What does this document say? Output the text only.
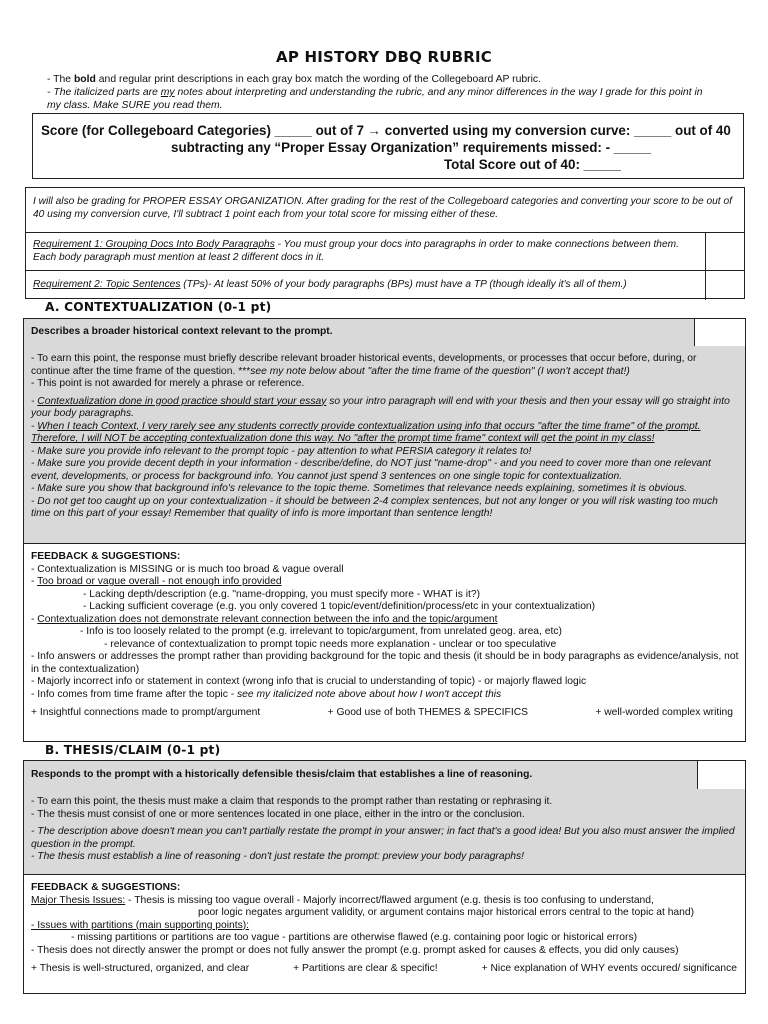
AP HISTORY DBQ RUBRIC

- The bold and regular print descriptions in each gray box match the wording of the Collegeboard AP rubric.

- The italicized parts are my notes about interpreting and understanding the rubric, and any minor differences in the way I grade for this point in my class. Make SURE you read them.

Score (for Collegeboard Categories) _____ out of 7 → converted using my conversion curve: _____ out of 40
subtracting any “Proper Essay Organization” requirements missed: - _____
Total Score out of 40: _____
I will also be grading for PROPER ESSAY ORGANIZATION. After grading for the rest of the Collegeboard categories and converting your score to be out of 40 using my conversion curve, I'll subtract 1 point each from your total score for missing either of these.
Requirement 1: Grouping Docs Into Body Paragraphs - You must group your docs into paragraphs in order to make connections between them. Each body paragraph must mention at least 2 different docs in it.
Requirement 2: Topic Sentences (TPs)- At least 50% of your body paragraphs (BPs) must have a TP (though ideally it's all of them.)
A. CONTEXTUALIZATION (0-1 pt)
Describes a broader historical context relevant to the prompt.

- To earn this point, the response must briefly describe relevant broader historical events, developments, or processes that occur before, during, or continue after the time frame of the question. ***see my note below about "after the time frame of the question" (I won't accept that!)

- This point is not awarded for merely a phrase or reference.

- Contextualization done in good practice should start your essay so your intro paragraph will end with your thesis and then your essay will go straight into your body paragraphs.

- When I teach Context, I very rarely see any students correctly provide contextualization using info that occurs "after the time frame" of the prompt. Therefore, I will NOT be accepting contextualization done this way. No "after the prompt time frame" context will get the point in my class!

- Make sure you provide info relevant to the prompt topic - pay attention to what PERSIA category it relates to!

- Make sure you provide decent depth in your information - describe/define, do NOT just "name-drop" - and you need to cover more than one relevant event, developments, or process for background info. You cannot just spend 3 sentences on one single topic for contextualization.

- Make sure you show that background info's relevance to the topic theme. Sometimes that relevance needs explaining, sometimes it is obvious.

- Do not get too caught up on your contextualization - it should be between 2-4 complex sentences, but not any longer or you will risk wasting too much time on this part of your essay! Remember that quality of info is more important than sentence length!

FEEDBACK & SUGGESTIONS:

- Contextualization is MISSING or is much too broad & vague overall

- Too broad or vague overall - not enough info provided

- Lacking depth/description (e.g. "name-dropping, you must specify more - WHAT is it?)

- Lacking sufficient coverage (e.g. you only covered 1 topic/event/definition/process/etc in your contextualization)

- Contextualization does not demonstrate relevant connection between the info and the topic/argument

- Info is too loosely related to the prompt (e.g. irrelevant to topic/argument, from unrelated geog. area, etc)

- relevance of contextualization to prompt topic needs more explanation - unclear or too speculative

- Info answers or addresses the prompt rather than providing background for the topic and thesis (it should be in body paragraphs as evidence/analysis, not in the contextualization)

- Majorly incorrect info or statement in context (wrong info that is crucial to understanding of topic) - or majorly flawed logic

- Info comes from time frame after the topic - see my italicized note above about how I won't accept this

+ Insightful connections made to prompt/argument	+ Good use of both THEMES & SPECIFICS	+ well-worded complex writing

B. THESIS/CLAIM (0-1 pt)
Responds to the prompt with a historically defensible thesis/claim that establishes a line of reasoning.

- To earn this point, the thesis must make a claim that responds to the prompt rather than restating or rephrasing it.

- The thesis must consist of one or more sentences located in one place, either in the intro or the conclusion.

- The description above doesn't mean you can't partially restate the prompt in your answer; in fact that's a good idea! But you also must answer the implied question in the prompt.

- The thesis must establish a line of reasoning - don't just restate the prompt: preview your body paragraphs!

FEEDBACK & SUGGESTIONS:

Major Thesis Issues: - Thesis is missing too vague overall - Majorly incorrect/flawed argument (e.g. thesis is too confusing to understand,

poor logic negates argument validity, or argument contains major historical errors central to the topic at hand)

- Issues with partitions (main supporting points):

- missing partitions or partitions are too vague - partitions are otherwise flawed (e.g. containing poor logic or historical errors)

- Thesis does not directly answer the prompt or does not fully answer the prompt (e.g. prompt asked for causes & effects, you did only causes)

+ Thesis is well-structured, organized, and clear	+ Partitions are clear & specific!	+ Nice explanation of WHY events occured/ significance
